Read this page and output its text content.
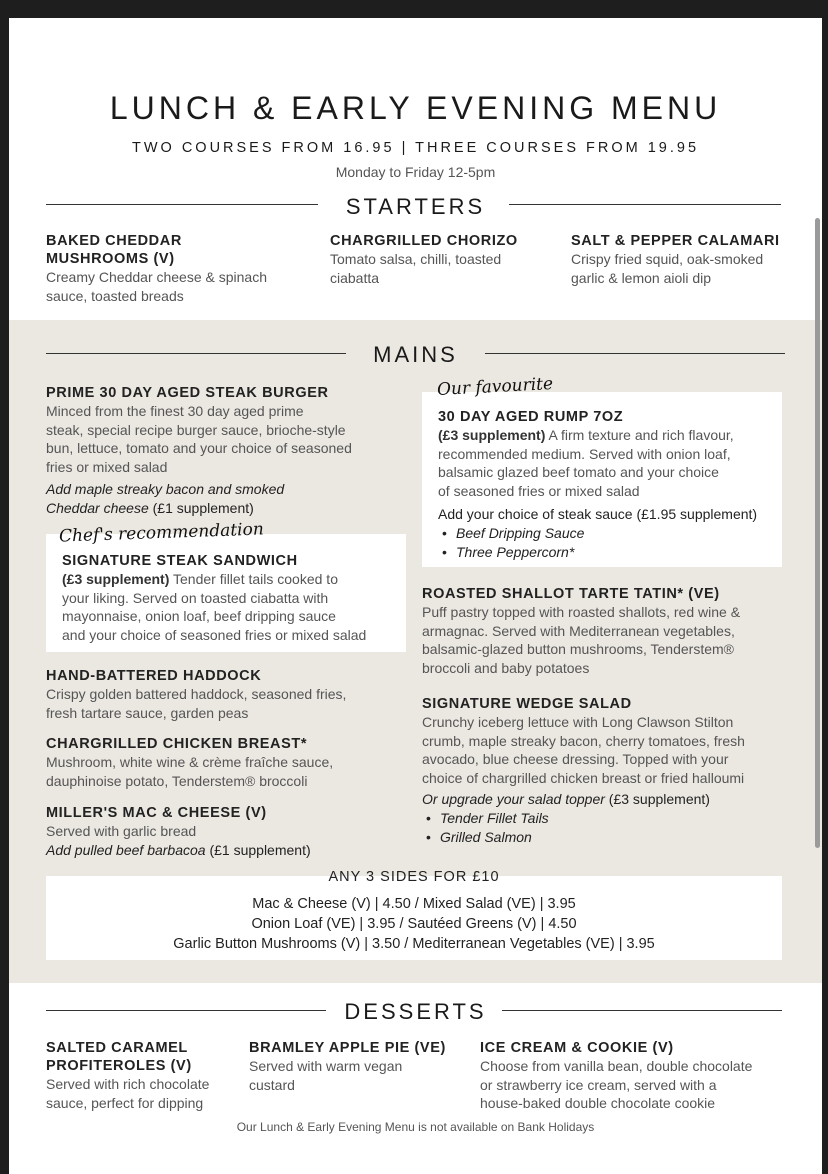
LUNCH & EARLY EVENING MENU
TWO COURSES FROM 16.95 | THREE COURSES FROM 19.95
Monday to Friday 12-5pm
STARTERS
BAKED CHEDDAR
MUSHROOMS (V)
Creamy Cheddar cheese & spinach
sauce, toasted breads
CHARGRILLED CHORIZO
Tomato salsa, chilli, toasted
ciabatta
SALT & PEPPER CALAMARI
Crispy fried squid, oak-smoked
garlic & lemon aioli dip
MAINS
PRIME 30 DAY AGED STEAK BURGER
Minced from the finest 30 day aged prime
steak, special recipe burger sauce, brioche-style
bun, lettuce, tomato and your choice of seasoned
fries or mixed salad
Add maple streaky bacon and smoked
Cheddar cheese (£1 supplement)
Chef's recommendation
SIGNATURE STEAK SANDWICH
(£3 supplement) Tender fillet tails cooked to
your liking. Served on toasted ciabatta with
mayonnaise, onion loaf, beef dripping sauce
and your choice of seasoned fries or mixed salad
HAND-BATTERED HADDOCK
Crispy golden battered haddock, seasoned fries,
fresh tartare sauce, garden peas
CHARGRILLED CHICKEN BREAST*
Mushroom, white wine & crème fraîche sauce,
dauphinoise potato, Tenderstem® broccoli
MILLER'S MAC & CHEESE (V)
Served with garlic bread
Add pulled beef barbacoa (£1 supplement)
Our favourite
30 DAY AGED RUMP 7OZ
(£3 supplement) A firm texture and rich flavour,
recommended medium. Served with onion loaf,
balsamic glazed beef tomato and your choice
of seasoned fries or mixed salad
Add your choice of steak sauce (£1.95 supplement)
• Beef Dripping Sauce
• Three Peppercorn*
ROASTED SHALLOT TARTE TATIN* (VE)
Puff pastry topped with roasted shallots, red wine &
armagnac. Served with Mediterranean vegetables,
balsamic-glazed button mushrooms, Tenderstem®
broccoli and baby potatoes
SIGNATURE WEDGE SALAD
Crunchy iceberg lettuce with Long Clawson Stilton
crumb, maple streaky bacon, cherry tomatoes, fresh
avocado, blue cheese dressing. Topped with your
choice of chargrilled chicken breast or fried halloumi
Or upgrade your salad topper (£3 supplement)
• Tender Fillet Tails
• Grilled Salmon
ANY 3 SIDES FOR £10
Mac & Cheese (V) | 4.50 / Mixed Salad (VE) | 3.95
Onion Loaf (VE) | 3.95 / Sautéed Greens (V) | 4.50
Garlic Button Mushrooms (V) | 3.50 / Mediterranean Vegetables (VE) | 3.95
DESSERTS
SALTED CARAMEL
PROFITEROLES (V)
Served with rich chocolate
sauce, perfect for dipping
BRAMLEY APPLE PIE (VE)
Served with warm vegan
custard
ICE CREAM & COOKIE (V)
Choose from vanilla bean, double chocolate
or strawberry ice cream, served with a
house-baked double chocolate cookie
Our Lunch & Early Evening Menu is not available on Bank Holidays
